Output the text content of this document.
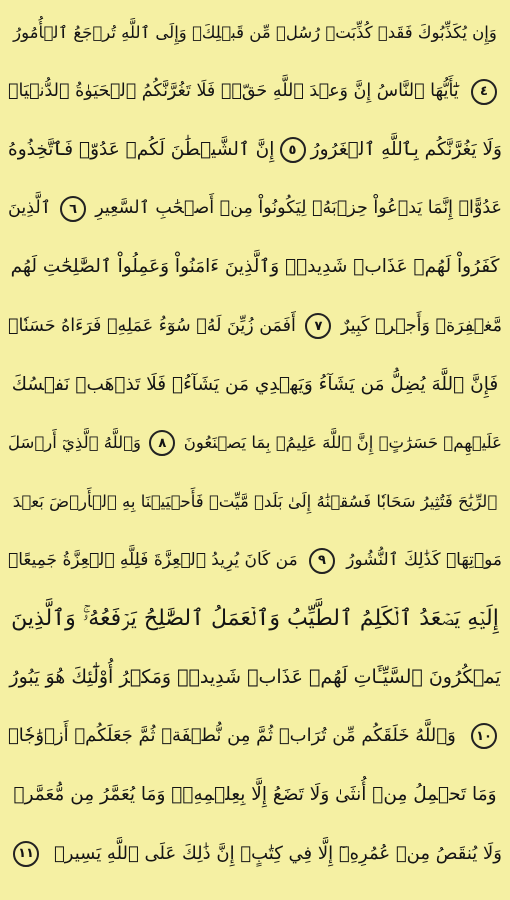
وَإِن يُكَذِّبُوكَ فَقَدۡ كُذِّبَتۡ رُسُلٞ مِّن قَبۡلِكَۚ وَإِلَى ٱللَّهِ تُرۡجَعُ ٱلۡأُمُورُ
٤
يَٰٓأَيُّهَا ٱلنَّاسُ إِنَّ وَعۡدَ ٱللَّهِ حَقّٞۖ فَلَا تَغُرَّنَّكُمُ ٱلۡحَيَوٰةُ ٱلدُّنۡيَاۖ
وَلَا يَغُرَّنَّكُم بِٱللَّهِ ٱلۡغَرُورُ
٥
إِنَّ ٱلشَّيۡطَٰنَ لَكُمۡ عَدُوّٞ فَٱتَّخِذُوهُ
عَدُوًّاۚ إِنَّمَا يَدۡعُواْ حِزۡبَهُۥ لِيَكُونُواْ مِنۡ أَصۡحَٰبِ ٱلسَّعِيرِ
٦
ٱلَّذِينَ
كَفَرُواْ لَهُمۡ عَذَابٞ شَدِيدٞۖ وَٱلَّذِينَ ءَامَنُواْ وَعَمِلُواْ ٱلصَّٰلِحَٰتِ لَهُم
مَّغۡفِرَةٞ وَأَجۡرٞ كَبِيرٌ
٧
أَفَمَن زُيِّنَ لَهُۥ سُوٓءُ عَمَلِهِۦ فَرَءَاهُ حَسَنٗاۖ
فَإِنَّ ٱللَّهَ يُضِلُّ مَن يَشَآءُ وَيَهۡدِي مَن يَشَآءُۖ فَلَا تَذۡهَبۡ نَفۡسُكَ
عَلَيۡهِمۡ حَسَرَٰتٍۚ إِنَّ ٱللَّهَ عَلِيمُۢ بِمَا يَصۡنَعُونَ
٨
وَٱللَّهُ ٱلَّذِيٓ أَرۡسَلَ
ٱلرِّيَٰحَ فَتُثِيرُ سَحَابٗا فَسُقۡنَٰهُ إِلَىٰ بَلَدٖ مَّيِّتٖ فَأَحۡيَيۡنَا بِهِ ٱلۡأَرۡضَ بَعۡدَ
مَوۡتِهَاۚ كَذَٰلِكَ ٱلنُّشُورُ
٩
مَن كَانَ يُرِيدُ ٱلۡعِزَّةَ فَلِلَّهِ ٱلۡعِزَّةُ جَمِيعًاۚ
إِلَيۡهِ يَصۡعَدُ ٱلۡكَلِمُ ٱلطَّيِّبُ وَٱلۡعَمَلُ ٱلصَّٰلِحُ يَرۡفَعُهُۥۚ وَٱلَّذِينَ
يَمۡكُرُونَ ٱلسَّيِّـَٔاتِ لَهُمۡ عَذَابٞ شَدِيدٞۖ وَمَكۡرُ أُوْلَٰٓئِكَ هُوَ يَبُورُ
١٠
وَٱللَّهُ خَلَقَكُم مِّن تُرَابٖ ثُمَّ مِن نُّطۡفَةٖ ثُمَّ جَعَلَكُمۡ أَزۡوَٰجٗاۚ
وَمَا تَحۡمِلُ مِنۡ أُنثَىٰ وَلَا تَضَعُ إِلَّا بِعِلۡمِهِۦۚ وَمَا يُعَمَّرُ مِن مُّعَمَّرٖ
وَلَا يُنقَصُ مِنۡ عُمُرِهِۦٓ إِلَّا فِي كِتَٰبٍۚ إِنَّ ذَٰلِكَ عَلَى ٱللَّهِ يَسِيرٞ
١١
